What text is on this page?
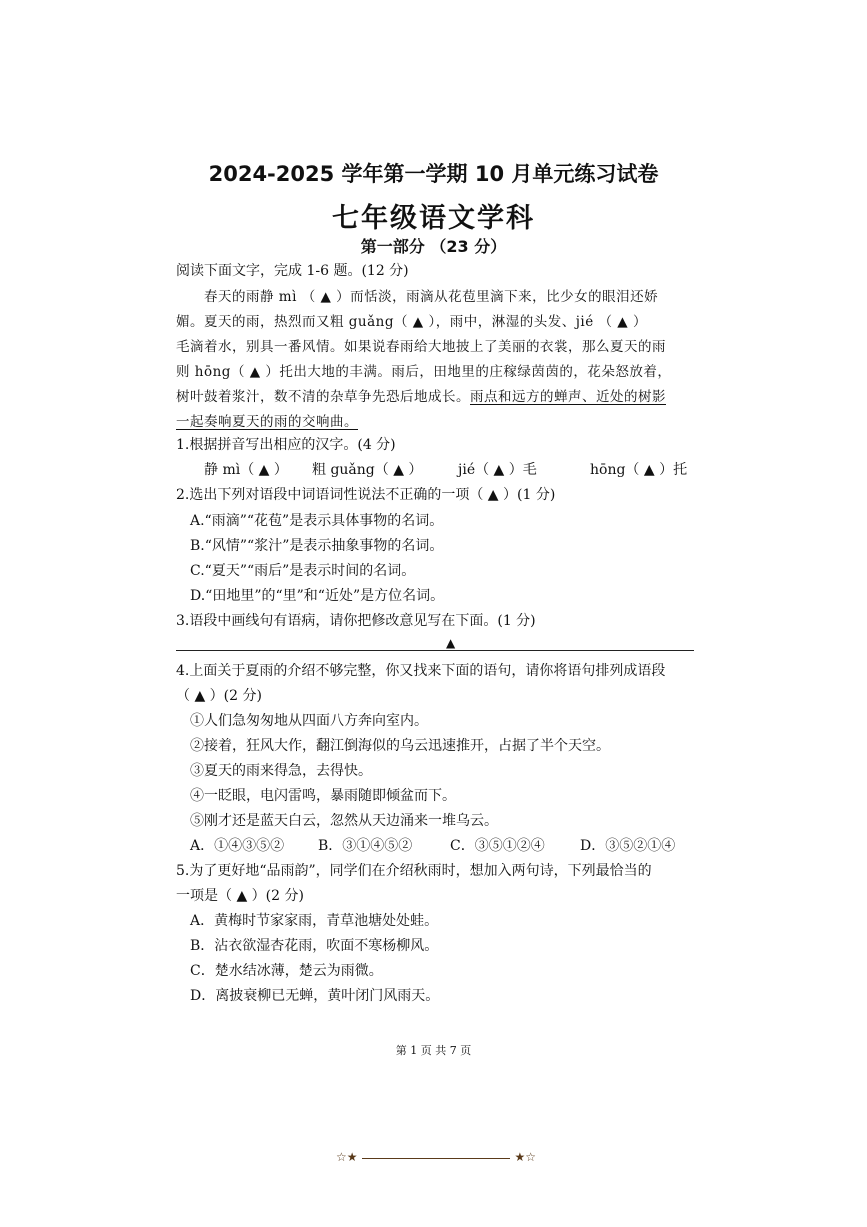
2024-2025 学年第一学期 10 月单元练习试卷
七年级语文学科
第一部分 （23 分）
阅读下面文字，完成 1-6 题。(12 分)
春天的雨静 mì （ ▲ ）而恬淡，雨滴从花苞里滴下来，比少女的眼泪还娇
媚。夏天的雨，热烈而又粗 guǎng（ ▲ ），雨中，淋湿的头发、jié （ ▲ ）
毛滴着水，别具一番风情。如果说春雨给大地披上了美丽的衣裳，那么夏天的雨
则 hōng（ ▲ ）托出大地的丰满。雨后，田地里的庄稼绿茵茵的，花朵怒放着，
树叶鼓着浆汁，数不清的杂草争先恐后地成长。雨点和远方的蝉声、近处的树影
一起奏响夏天的雨的交响曲。
1.根据拼音写出相应的汉字。(4 分)
静 mì（ ▲ ） 粗 guǎng（ ▲ ）	jié（ ▲ ）毛	hōng（ ▲ ）托
2.选出下列对语段中词语词性说法不正确的一项（ ▲ ）(1 分)
A.“雨滴”“花苞”是表示具体事物的名词。
B.“风情”“浆汁”是表示抽象事物的名词。
C.“夏天”“雨后”是表示时间的名词。
D.“田地里”的“里”和“近处”是方位名词。
3.语段中画线句有语病，请你把修改意见写在下面。(1 分)
▲
4.上面关于夏雨的介绍不够完整，你又找来下面的语句，请你将语句排列成语段
（ ▲ ）(2 分)
①人们急匆匆地从四面八方奔向室内。
②接着，狂风大作，翻江倒海似的乌云迅速推开，占据了半个天空。
③夏天的雨来得急，去得快。
④一眨眼，电闪雷鸣，暴雨随即倾盆而下。
⑤刚才还是蓝天白云，忽然从天边涌来一堆乌云。
A．①④③⑤② B．③①④⑤②	C．③⑤①②④	D．③⑤②①④
5.为了更好地“品雨韵”，同学们在介绍秋雨时，想加入两句诗，下列最恰当的
一项是（ ▲ ）(2 分)
A．黄梅时节家家雨，青草池塘处处蛙。
B．沾衣欲湿杏花雨，吹面不寒杨柳风。
C．楚水结冰薄，楚云为雨微。
D．离披衰柳已无蝉，黄叶闭门风雨天。
第 1 页 共 7 页
☆★	★☆
